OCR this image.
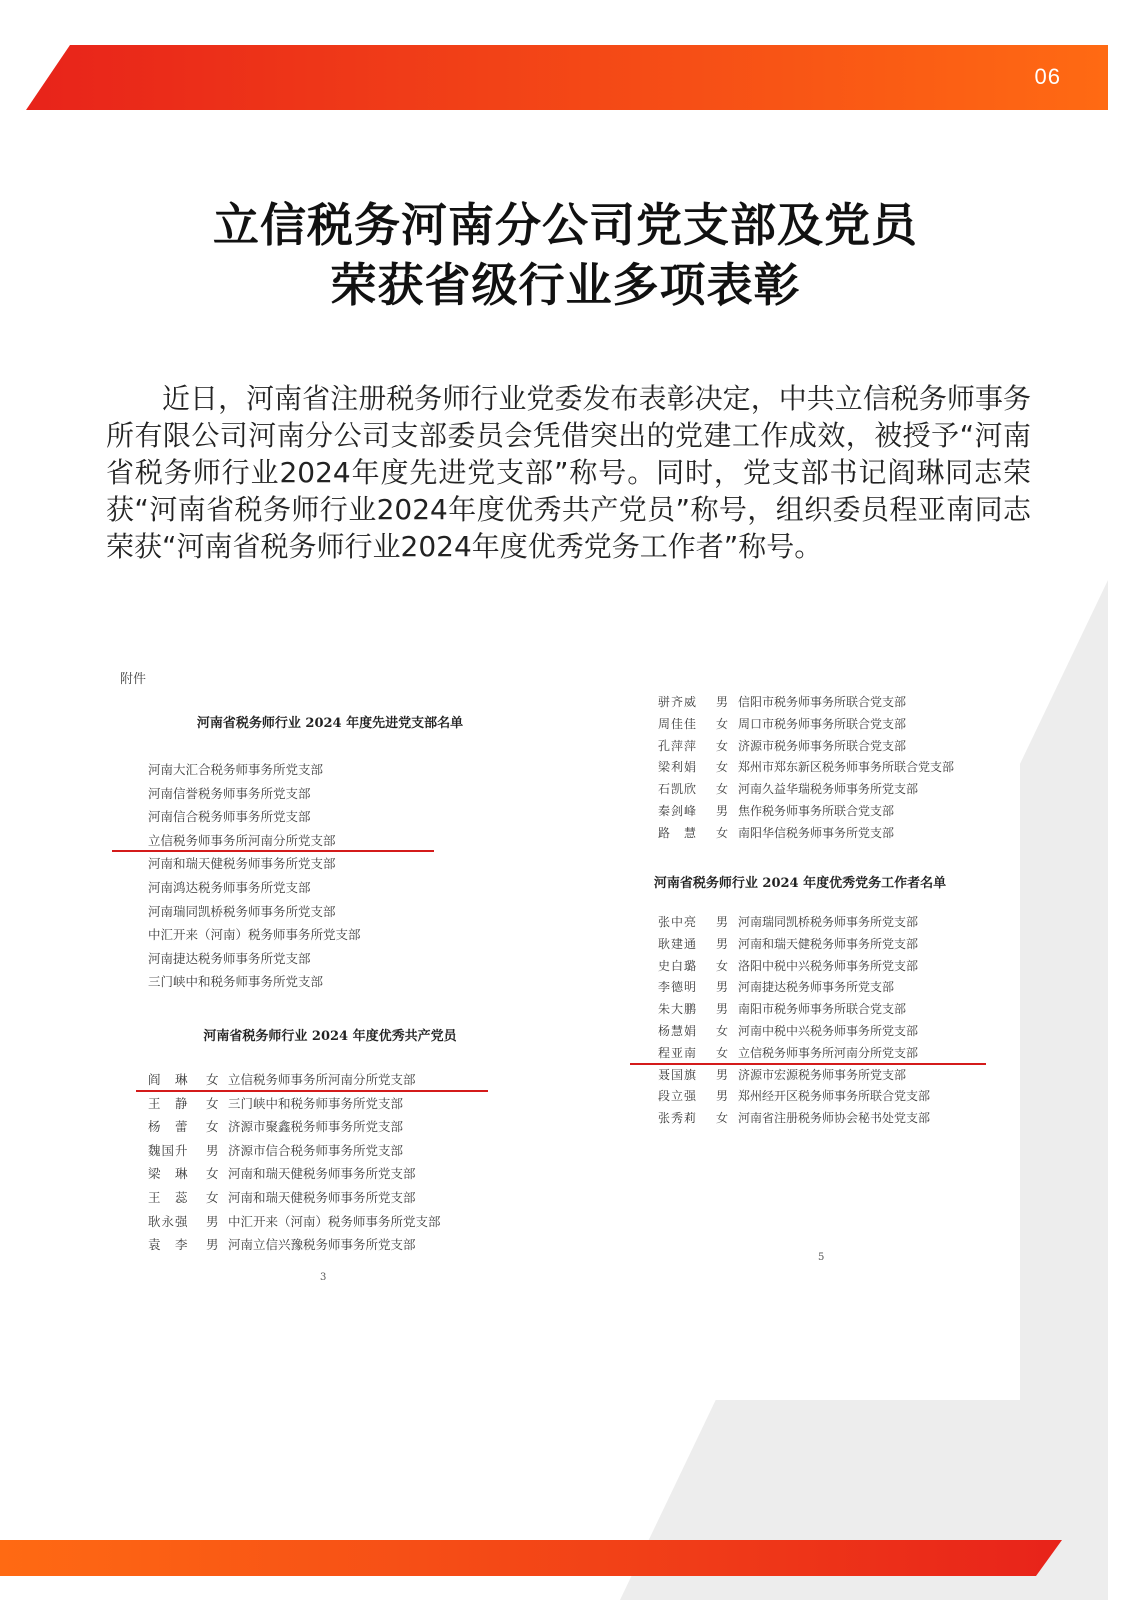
06
立信税务河南分公司党支部及党员
荣获省级行业多项表彰

近日，河南省注册税务师行业党委发布表彰决定，中共立信税务师事务所有限公司河南分公司支部委员会凭借突出的党建工作成效，被授予“河南省税务师行业2024年度先进党支部”称号。同时，党支部书记阎琳同志荣获“河南省税务师行业2024年度优秀共产党员”称号，组织委员程亚南同志荣获“河南省税务师行业2024年度优秀党务工作者”称号。

附件
河南省税务师行业 2024 年度先进党支部名单
河南大汇合税务师事务所党支部
河南信誉税务师事务所党支部
河南信合税务师事务所党支部
立信税务师事务所河南分所党支部
河南和瑞天健税务师事务所党支部
河南鸿达税务师事务所党支部
河南瑞同凯桥税务师事务所党支部
中汇开来（河南）税务师事务所党支部
河南捷达税务师事务所党支部
三门峡中和税务师事务所党支部
河南省税务师行业 2024 年度优秀共产党员
阎　琳 女 立信税务师事务所河南分所党支部
王　静 女 三门峡中和税务师事务所党支部
杨　蕾 女 济源市聚鑫税务师事务所党支部
魏国升 男 济源市信合税务师事务所党支部
梁　琳 女 河南和瑞天健税务师事务所党支部
王　蕊 女 河南和瑞天健税务师事务所党支部
耿永强 男 中汇开来（河南）税务师事务所党支部
袁　李 男 河南立信兴豫税务师事务所党支部
3
骈齐威 男 信阳市税务师事务所联合党支部
周佳佳 女 周口市税务师事务所联合党支部
孔萍萍 女 济源市税务师事务所联合党支部
梁利娟 女 郑州市郑东新区税务师事务所联合党支部
石凯欣 女 河南久益华瑞税务师事务所党支部
秦剑峰 男 焦作税务师事务所联合党支部
路　慧 女 南阳华信税务师事务所党支部
河南省税务师行业 2024 年度优秀党务工作者名单
张中亮 男 河南瑞同凯桥税务师事务所党支部
耿建通 男 河南和瑞天健税务师事务所党支部
史白璐 女 洛阳中税中兴税务师事务所党支部
李德明 男 河南捷达税务师事务所党支部
朱大鹏 男 南阳市税务师事务所联合党支部
杨慧娟 女 河南中税中兴税务师事务所党支部
程亚南 女 立信税务师事务所河南分所党支部
聂国旗 男 济源市宏源税务师事务所党支部
段立强 男 郑州经开区税务师事务所联合党支部
张秀莉 女 河南省注册税务师协会秘书处党支部
5
